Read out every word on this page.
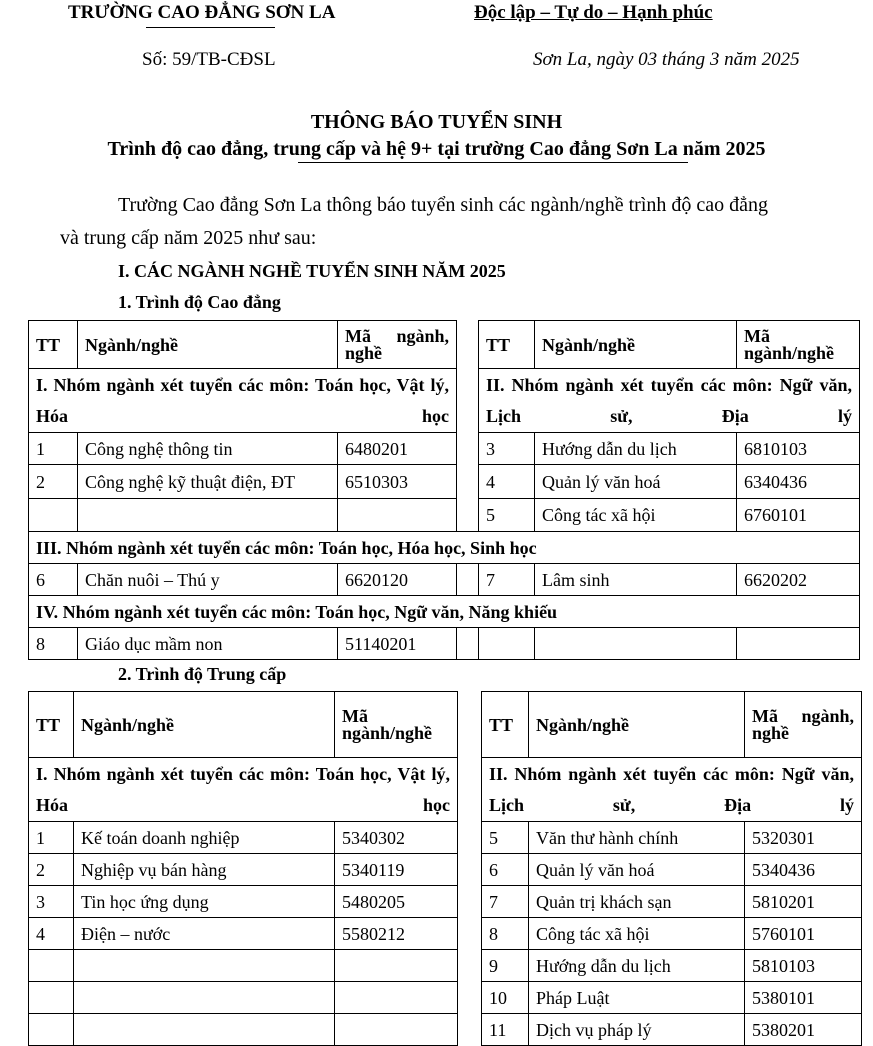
TRƯỜNG CAO ĐẲNG SƠN LA	Độc lập – Tự do – Hạnh phúc
Số: 59/TB-CĐSL	Sơn La, ngày 03 tháng 3 năm 2025
THÔNG BÁO TUYỂN SINH
Trình độ cao đẳng, trung cấp và hệ 9+ tại trường Cao đẳng Sơn La năm 2025
Trường Cao đẳng Sơn La thông báo tuyển sinh các ngành/nghề trình độ cao đẳng
và trung cấp năm 2025 như sau:
I. CÁC NGÀNH NGHỀ TUYỂN SINH NĂM 2025
1. Trình độ Cao đẳng
TT	Ngành/nghề	Mã ngành, nghề		TT	Ngành/nghề	Mã ngành/nghề
I. Nhóm ngành xét tuyển các môn: Toán học, Vật lý, Hóa học				II. Nhóm ngành xét tuyển các môn: Ngữ văn, Lịch sử, Địa lý		
1	Công nghệ thông tin	6480201		3	Hướng dẫn du lịch	6810103
2	Công nghệ kỹ thuật điện, ĐT	6510303		4	Quản lý văn hoá	6340436
				5	Công tác xã hội	6760101
III. Nhóm ngành xét tuyển các môn: Toán học, Hóa học, Sinh học						
6	Chăn nuôi – Thú y	6620120		7	Lâm sinh	6620202
IV. Nhóm ngành xét tuyển các môn: Toán học, Ngữ văn, Năng khiếu						
8	Giáo dục mầm non	51140201				
2. Trình độ Trung cấp
TT	Ngành/nghề	Mã ngành/nghề		TT	Ngành/nghề	Mã ngành, nghề
I. Nhóm ngành xét tuyển các môn: Toán học, Vật lý, Hóa học				II. Nhóm ngành xét tuyển các môn: Ngữ văn, Lịch sử, Địa lý		
1	Kế toán doanh nghiệp	5340302		5	Văn thư hành chính	5320301
2	Nghiệp vụ bán hàng	5340119		6	Quản lý văn hoá	5340436
3	Tin học ứng dụng	5480205		7	Quản trị khách sạn	5810201
4	Điện – nước	5580212		8	Công tác xã hội	5760101
				9	Hướng dẫn du lịch	5810103
				10	Pháp Luật	5380101
				11	Dịch vụ pháp lý	5380201
